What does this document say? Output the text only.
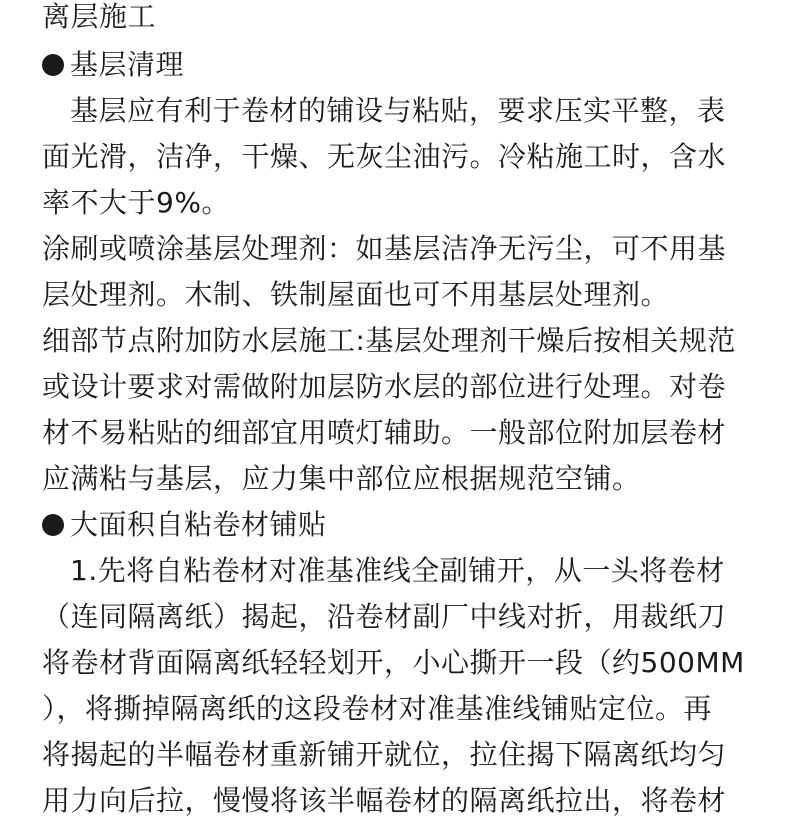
离层施工
基层清理
基层应有利于卷材的铺设与粘贴，要求压实平整，表
面光滑，洁净，干燥、无灰尘油污。冷粘施工时，含水
率不大于9%。
涂刷或喷涂基层处理剂：如基层洁净无污尘，可不用基
层处理剂。木制、铁制屋面也可不用基层处理剂。
细部节点附加防水层施工:基层处理剂干燥后按相关规范
或设计要求对需做附加层防水层的部位进行处理。对卷
材不易粘贴的细部宜用喷灯辅助。一般部位附加层卷材
应满粘与基层，应力集中部位应根据规范空铺。
大面积自粘卷材铺贴
1.先将自粘卷材对准基准线全副铺开，从一头将卷材
（连同隔离纸）揭起，沿卷材副厂中线对折，用裁纸刀
将卷材背面隔离纸轻轻划开，小心撕开一段（约500MM
），将撕掉隔离纸的这段卷材对准基准线铺贴定位。再
将揭起的半幅卷材重新铺开就位，拉住揭下隔离纸均匀
用力向后拉，慢慢将该半幅卷材的隔离纸拉出，将卷材
